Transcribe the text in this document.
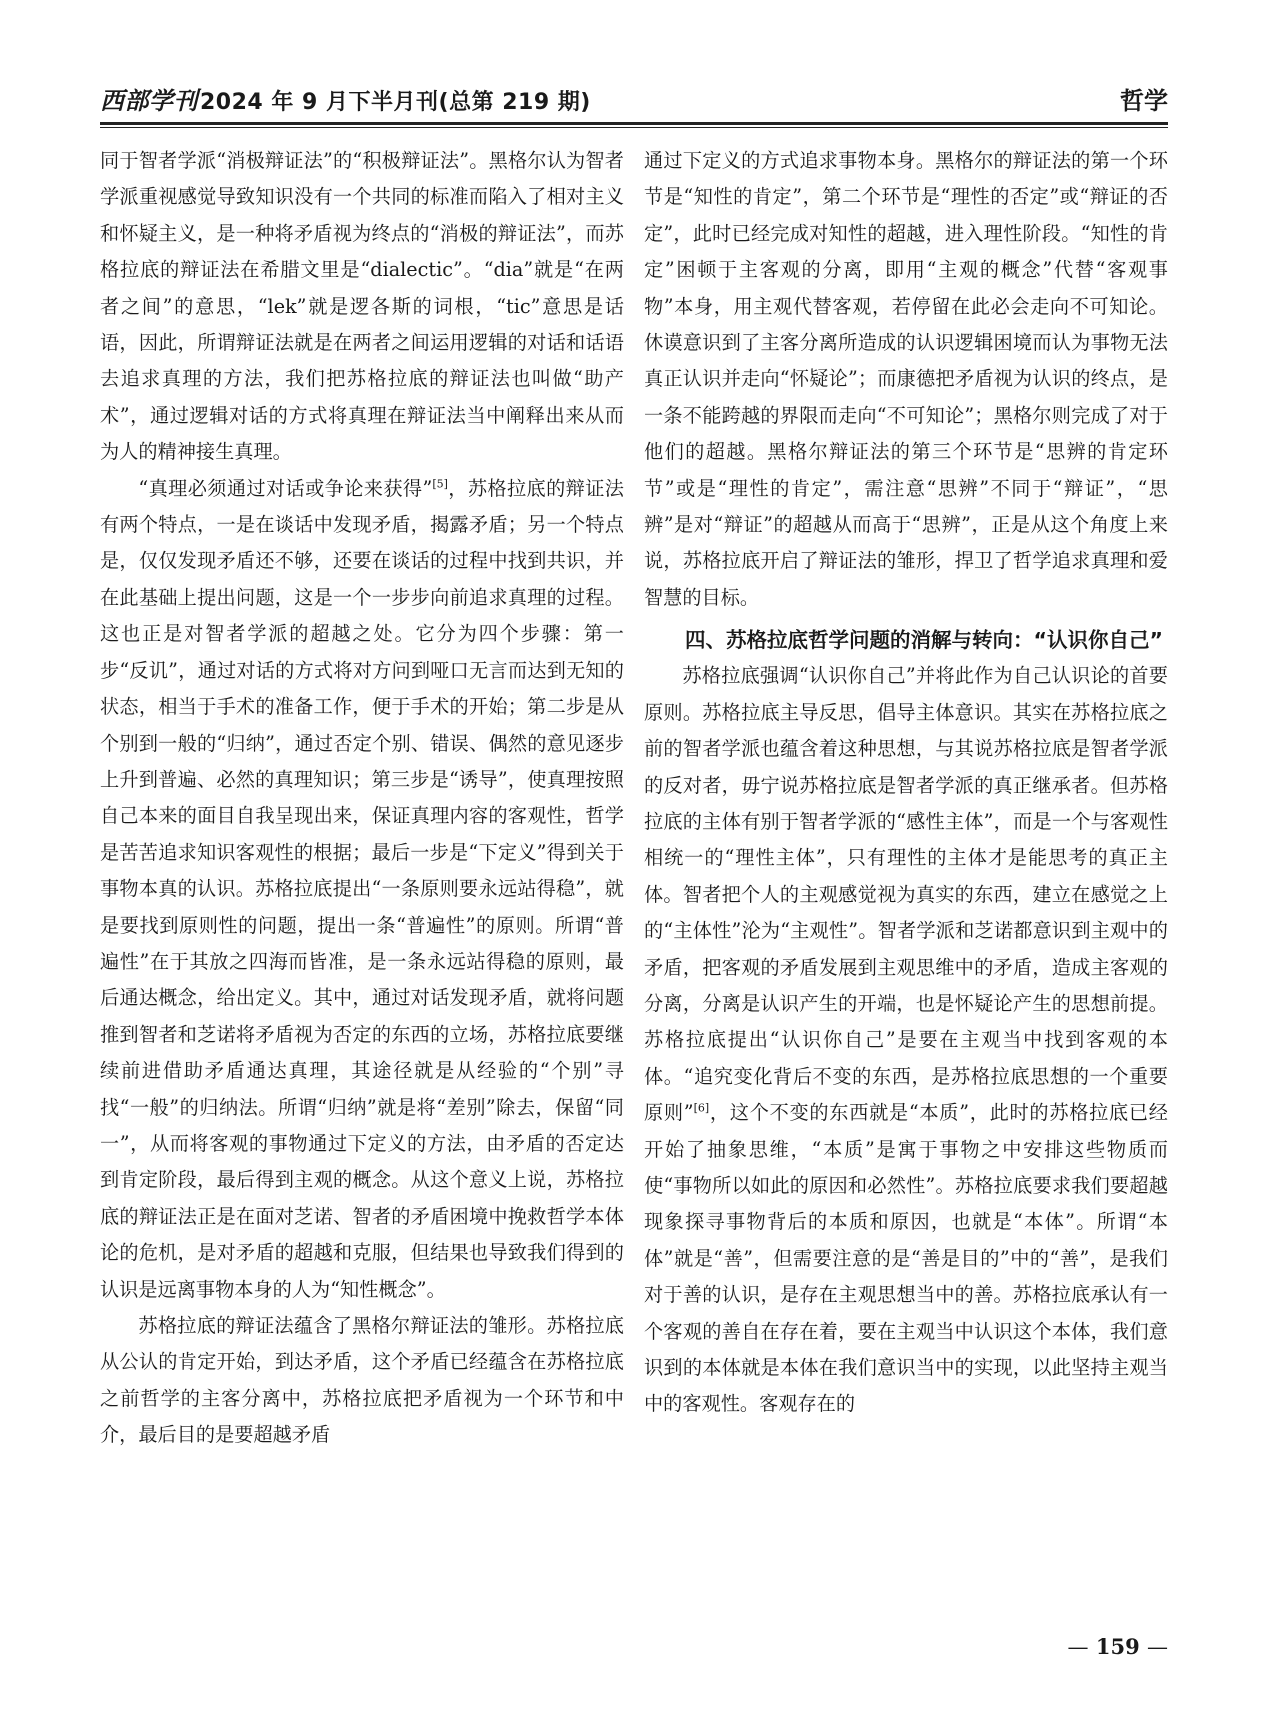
西部学刊2024 年 9 月下半月刊(总第 219 期)	哲学

同于智者学派“消极辩证法”的“积极辩证法”。黑格尔认为智者学派重视感觉导致知识没有一个共同的标准而陷入了相对主义和怀疑主义，是一种将矛盾视为终点的“消极的辩证法”，而苏格拉底的辩证法在希腊文里是“dialectic”。“dia”就是“在两者之间”的意思，“lek”就是逻各斯的词根，“tic”意思是话语，因此，所谓辩证法就是在两者之间运用逻辑的对话和话语去追求真理的方法，我们把苏格拉底的辩证法也叫做“助产术”，通过逻辑对话的方式将真理在辩证法当中阐释出来从而为人的精神接生真理。

“真理必须通过对话或争论来获得”[5]，苏格拉底的辩证法有两个特点，一是在谈话中发现矛盾，揭露矛盾；另一个特点是，仅仅发现矛盾还不够，还要在谈话的过程中找到共识，并在此基础上提出问题，这是一个一步步向前追求真理的过程。这也正是对智者学派的超越之处。它分为四个步骤：第一步“反讥”，通过对话的方式将对方问到哑口无言而达到无知的状态，相当于手术的准备工作，便于手术的开始；第二步是从个别到一般的“归纳”，通过否定个别、错误、偶然的意见逐步上升到普遍、必然的真理知识；第三步是“诱导”，使真理按照自己本来的面目自我呈现出来，保证真理内容的客观性，哲学是苦苦追求知识客观性的根据；最后一步是“下定义”得到关于事物本真的认识。苏格拉底提出“一条原则要永远站得稳”，就是要找到原则性的问题，提出一条“普遍性”的原则。所谓“普遍性”在于其放之四海而皆准，是一条永远站得稳的原则，最后通达概念，给出定义。其中，通过对话发现矛盾，就将问题推到智者和芝诺将矛盾视为否定的东西的立场，苏格拉底要继续前进借助矛盾通达真理，其途径就是从经验的“个别”寻找“一般”的归纳法。所谓“归纳”就是将“差别”除去，保留“同一”，从而将客观的事物通过下定义的方法，由矛盾的否定达到肯定阶段，最后得到主观的概念。从这个意义上说，苏格拉底的辩证法正是在面对芝诺、智者的矛盾困境中挽救哲学本体论的危机，是对矛盾的超越和克服，但结果也导致我们得到的认识是远离事物本身的人为“知性概念”。

苏格拉底的辩证法蕴含了黑格尔辩证法的雏形。苏格拉底从公认的肯定开始，到达矛盾，这个矛盾已经蕴含在苏格拉底之前哲学的主客分离中，苏格拉底把矛盾视为一个环节和中介，最后目的是要超越矛盾

通过下定义的方式追求事物本身。黑格尔的辩证法的第一个环节是“知性的肯定”，第二个环节是“理性的否定”或“辩证的否定”，此时已经完成对知性的超越，进入理性阶段。“知性的肯定”困顿于主客观的分离，即用“主观的概念”代替“客观事物”本身，用主观代替客观，若停留在此必会走向不可知论。休谟意识到了主客分离所造成的认识逻辑困境而认为事物无法真正认识并走向“怀疑论”；而康德把矛盾视为认识的终点，是一条不能跨越的界限而走向“不可知论”；黑格尔则完成了对于他们的超越。黑格尔辩证法的第三个环节是“思辨的肯定环节”或是“理性的肯定”，需注意“思辨”不同于“辩证”，“思辨”是对“辩证”的超越从而高于“思辨”，正是从这个角度上来说，苏格拉底开启了辩证法的雏形，捍卫了哲学追求真理和爱智慧的目标。

四、苏格拉底哲学问题的消解与转向：“认识你自己”

苏格拉底强调“认识你自己”并将此作为自己认识论的首要原则。苏格拉底主导反思，倡导主体意识。其实在苏格拉底之前的智者学派也蕴含着这种思想，与其说苏格拉底是智者学派的反对者，毋宁说苏格拉底是智者学派的真正继承者。但苏格拉底的主体有别于智者学派的“感性主体”，而是一个与客观性相统一的“理性主体”，只有理性的主体才是能思考的真正主体。智者把个人的主观感觉视为真实的东西，建立在感觉之上的“主体性”沦为“主观性”。智者学派和芝诺都意识到主观中的矛盾，把客观的矛盾发展到主观思维中的矛盾，造成主客观的分离，分离是认识产生的开端，也是怀疑论产生的思想前提。苏格拉底提出“认识你自己”是要在主观当中找到客观的本体。“追究变化背后不变的东西，是苏格拉底思想的一个重要原则”[6]，这个不变的东西就是“本质”，此时的苏格拉底已经开始了抽象思维，“本质”是寓于事物之中安排这些物质而使“事物所以如此的原因和必然性”。苏格拉底要求我们要超越现象探寻事物背后的本质和原因，也就是“本体”。所谓“本体”就是“善”，但需要注意的是“善是目的”中的“善”，是我们对于善的认识，是存在主观思想当中的善。苏格拉底承认有一个客观的善自在存在着，要在主观当中认识这个本体，我们意识到的本体就是本体在我们意识当中的实现，以此坚持主观当中的客观性。客观存在的

— 159 —
